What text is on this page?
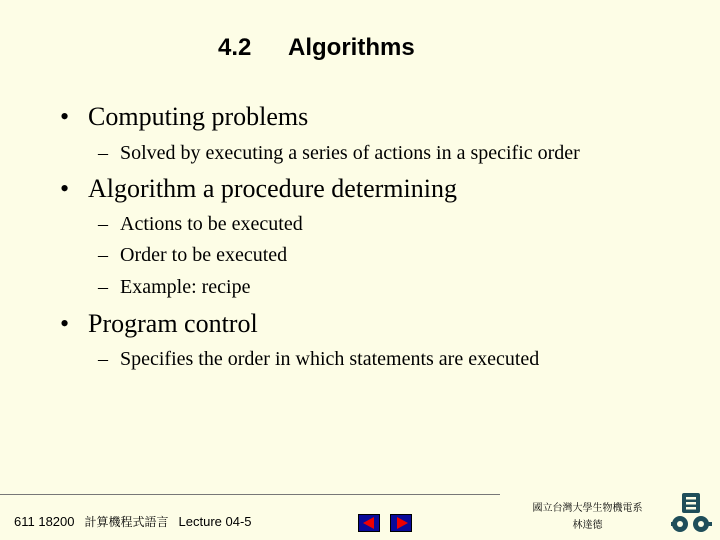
4.2 Algorithms
• Computing problems
– Solved by executing a series of actions in a specific order
• Algorithm a procedure determining
– Actions to be executed
– Order to be executed
– Example: recipe
• Program control
– Specifies the order in which statements are executed
611 18200 計算機程式語言 Lecture 04-5
國立台灣大學生物機電系
林達德
